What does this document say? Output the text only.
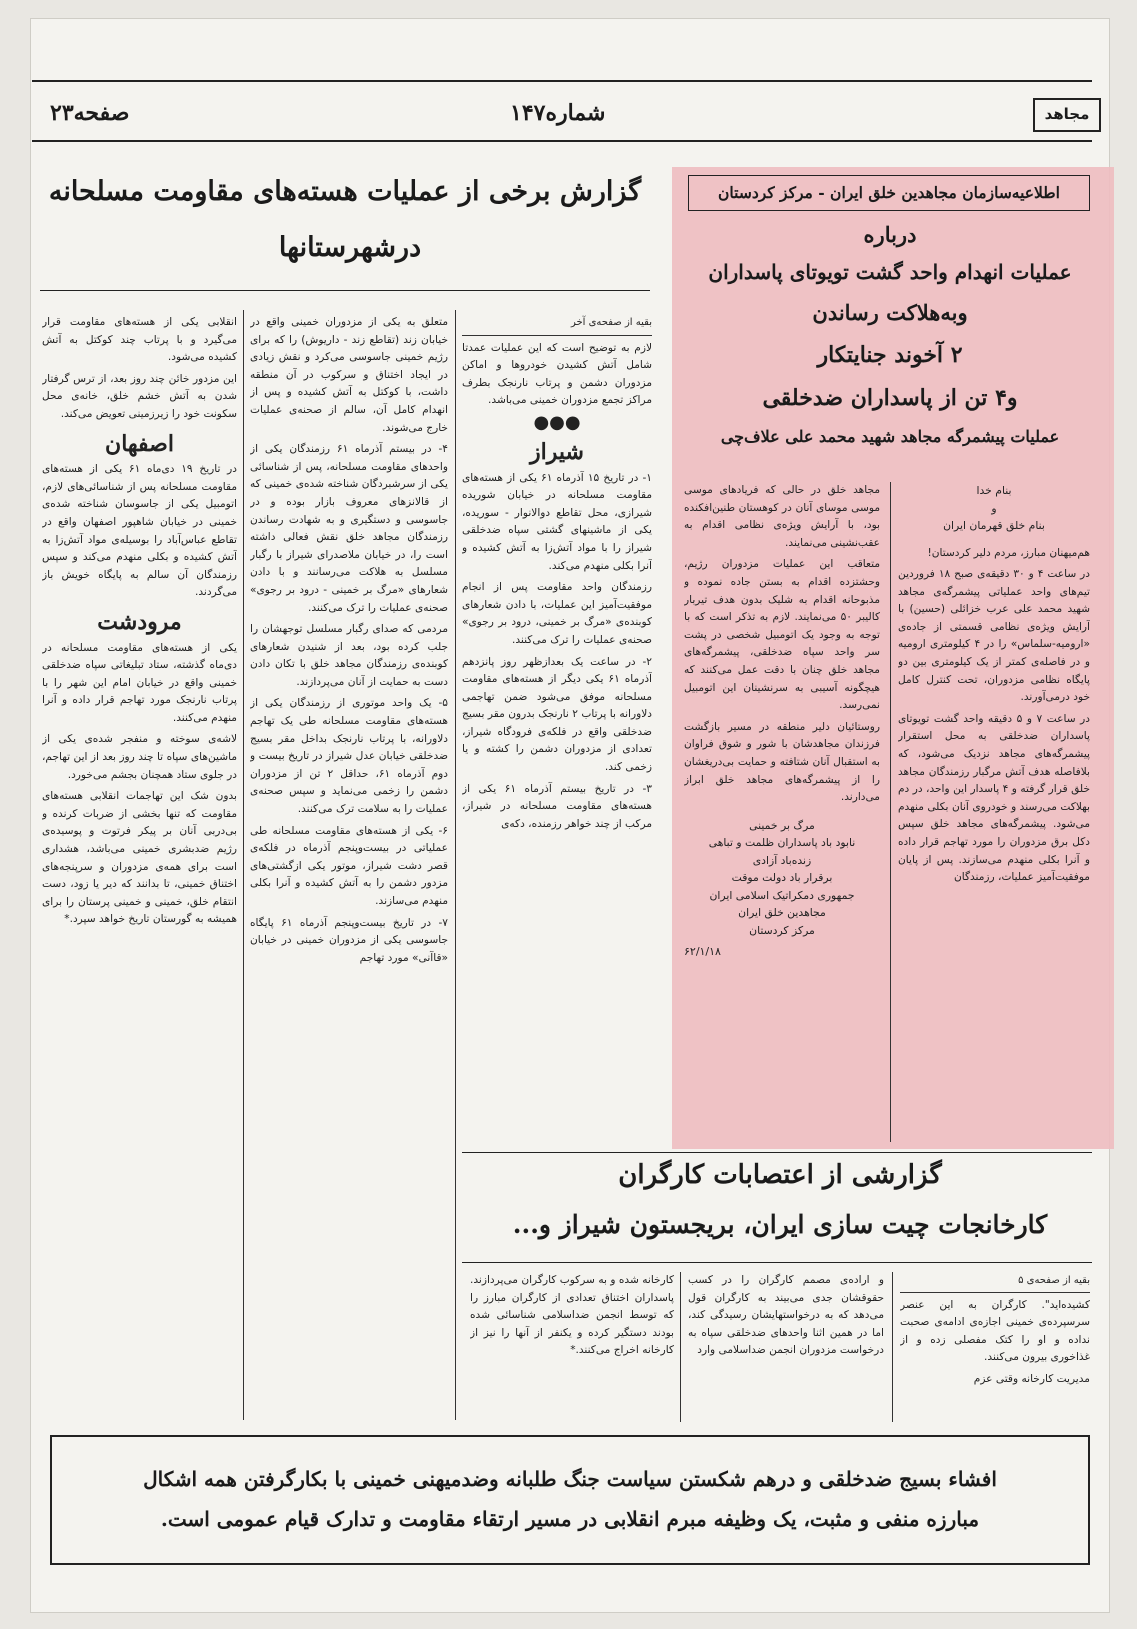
صفحه۲۳	شماره۱۴۷	مجاهد
گزارش برخی از عملیات هسته‌های مقاومت مسلحانه
درشهرستانها

بقیه از صفحه‌ی آخر

لازم به توضیح است که این عملیات عمدتا شامل آتش کشیدن خودروها و اماکن مزدوران دشمن و پرتاب نارنجک بطرف مراکز تجمع مزدوران خمینی می‌باشد.

●●●
شیراز

۱- در تاریخ ۱۵ آذرماه ۶۱ یکی از هسته‌های مقاومت مسلحانه در خیابان شوریده شیرازی، محل تقاطع دوالانوار - سوریده، یکی از ماشینهای گشتی سپاه ضدخلقی شیراز را با مواد آتش‌زا به آتش کشیده و آنرا بکلی منهدم می‌کند.

رزمندگان واحد مقاومت پس از انجام موفقیت‌آمیز این عملیات، با دادن شعارهای کوبنده‌ی «مرگ بر خمینی، درود بر رجوی» صحنه‌ی عملیات را ترک می‌کنند.

۲- در ساعت یک بعدازظهر روز پانزدهم آذرماه ۶۱ یکی دیگر از هسته‌های مقاومت مسلحانه موفق می‌شود ضمن تهاجمی دلاورانه با پرتاب ۲ نارنجک بدرون مقر بسیج ضدخلقی واقع در فلکه‌ی فرودگاه شیراز، تعدادی از مزدوران دشمن را کشته و یا زخمی کند.

۳- در تاریخ بیستم آذرماه ۶۱ یکی از هسته‌های مقاومت مسلحانه در شیراز، مرکب از چند خواهر رزمنده، دکه‌ی

متعلق به یکی از مزدوران خمینی واقع در خیابان زند (تقاطع زند - داریوش) را که برای رژیم خمینی جاسوسی می‌کرد و نقش زیادی در ایجاد اختناق و سرکوب در آن منطقه داشت، با کوکتل به آتش کشیده و پس از انهدام کامل آن، سالم از صحنه‌ی عملیات خارج می‌شوند.

۴- در بیستم آذرماه ۶۱ رزمندگان یکی از واحدهای مقاومت مسلحانه، پس از شناسائی یکی از سرشبردگان شناخته شده‌ی خمینی که از قالانزهای معروف بازار بوده و در جاسوسی و دستگیری و به شهادت رساندن رزمندگان مجاهد خلق نقش فعالی داشته است را، در خیابان ملاصدرای شیراز با رگبار مسلسل به هلاکت می‌رسانند و با دادن شعارهای «مرگ بر خمینی - درود بر رجوی» صحنه‌ی عملیات را ترک می‌کنند.

مردمی که صدای رگبار مسلسل توجهشان را جلب کرده بود، بعد از شنیدن شعارهای کوبنده‌ی رزمندگان مجاهد خلق با تکان دادن دست به حمایت از آنان می‌پردازند.

۵- یک واحد موتوری از رزمندگان یکی از هسته‌های مقاومت مسلحانه طی یک تهاجم دلاورانه، با پرتاب نارنجک بداخل مقر بسیج ضدخلقی خیابان عدل شیراز در تاریخ بیست و دوم آذرماه ۶۱، حداقل ۲ تن از مزدوران دشمن را زخمی می‌نماید و سپس صحنه‌ی عملیات را به سلامت ترک می‌کنند.

۶- یکی از هسته‌های مقاومت مسلحانه طی عملیاتی در بیست‌وپنجم آذرماه در فلکه‌ی قصر دشت شیراز، موتور یکی ازگشتی‌های مزدور دشمن را به آتش کشیده و آنرا بکلی منهدم می‌سازند.

۷- در تاریخ بیست‌وپنجم آذرماه ۶۱ پایگاه جاسوسی یکی از مزدوران خمینی در خیابان «قاآنی» مورد تهاجم

انقلابی یکی از هسته‌های مقاومت قرار می‌گیرد و با پرتاب چند کوکتل به آتش کشیده می‌شود.

این مزدور خائن چند روز بعد، از ترس گرفتار شدن به آتش خشم خلق، خانه‌ی محل سکونت خود را زیرزمینی تعویض می‌کند.

اصفهان

در تاریخ ۱۹ دی‌ماه ۶۱ یکی از هسته‌های مقاومت مسلحانه پس از شناسائی‌های لازم، اتومبیل یکی از جاسوسان شناخته شده‌ی خمینی در خیابان شاهپور اصفهان واقع در تقاطع عباس‌آباد را بوسیله‌ی مواد آتش‌زا به آتش کشیده و بکلی منهدم می‌کند و سپس رزمندگان آن سالم به پایگاه خویش باز می‌گردند.

مرودشت

یکی از هسته‌های مقاومت مسلحانه در دی‌ماه گذشته، ستاد تبلیغاتی سپاه ضدخلقی خمینی واقع در خیابان امام این شهر را با پرتاب نارنجک مورد تهاجم قرار داده و آنرا منهدم می‌کنند.

لاشه‌ی سوخته و منفجر شده‌ی یکی از ماشین‌های سپاه تا چند روز بعد از این تهاجم، در جلوی ستاد همچنان بجشم می‌خورد.

بدون شک این تهاجمات انقلابی هسته‌های مقاومت که تنها بخشی از ضربات کرنده و بی‌دربی آنان بر پیکر فرتوت و پوسیده‌ی رژیم ضدبشری خمینی می‌باشد، هشداری است برای همه‌ی مزدوران و سرپنجه‌های اختناق خمینی، تا بدانند که دیر یا زود، دست انتقام خلق، خمینی و خمینی پرستان را برای همیشه به گورستان تاریخ خواهد سپرد.*

اطلاعیه‌سازمان مجاهدین خلق ایران - مرکز کردستان
درباره
عملیات انهدام واحد گشت تویوتای پاسداران
وبه‌هلاکت رساندن
۲ آخوند جنایتکار
و۴ تن از پاسداران ضدخلقی
عملیات پیشمرگه مجاهد شهید محمد علی علاف‌چی
بنام خدا
و
بنام خلق قهرمان ایران

هم‌میهنان مبارز، مردم دلیر کردستان!

در ساعت ۴ و ۳۰ دقیقه‌ی صبح ۱۸ فروردین تیم‌های واحد عملیاتی پیشمرگه‌ی مجاهد شهید محمد علی عرب خزائلی (حسین) با آرایش ویژه‌ی نظامی قسمتی از جاده‌ی «ارومیه-سلماس» را در ۴ کیلومتری ارومیه و در فاصله‌ی کمتر از یک کیلومتری بین دو پایگاه نظامی مزدوران، تحت کنترل کامل خود درمی‌آورند.

در ساعت ۷ و ۵ دقیقه واحد گشت تویوتای پاسداران ضدخلقی به محل استقرار پیشمرگه‌های مجاهد نزدیک می‌شود، که بلافاصله هدف آتش مرگبار رزمندگان مجاهد خلق قرار گرفته و ۴ پاسدار این واحد، در دم بهلاکت می‌رسند و خودروی آنان بکلی منهدم می‌شود. پیشمرگه‌های مجاهد خلق سپس دکل برق مزدوران را مورد تهاجم قرار داده و آنرا بکلی منهدم می‌سازند. پس از پایان موفقیت‌آمیز عملیات، رزمندگان

مجاهد خلق در حالی که فریادهای موسی موسی موسای آنان در کوهستان طنین‌افکنده بود، با آرایش ویژه‌ی نظامی اقدام به عقب‌نشینی می‌نمایند.

متعاقب این عملیات مزدوران رژیم، وحشتزده اقدام به بستن جاده نموده و مذبوحانه اقدام به شلیک بدون هدف تیربار کالیبر ۵۰ می‌نمایند. لازم به تذکر است که با توجه به وجود یک اتومبیل شخصی در پشت سر واحد سپاه ضدخلقی، پیشمرگه‌های مجاهد خلق چنان با دقت عمل می‌کنند که هیچگونه آسیبی به سرنشینان این اتومبیل نمی‌رسد.

روستائیان دلیر منطقه در مسیر بازگشت فرزندان مجاهدشان با شور و شوق فراوان به استقبال آنان شتافته و حمایت بی‌دریغشان را از پیشمرگه‌های مجاهد خلق ابراز می‌دارند.

مرگ بر خمینی
نابود باد پاسداران ظلمت و تباهی
زنده‌باد آزادی
برقرار باد دولت موقت
جمهوری دمکراتیک اسلامی ایران
مجاهدین خلق ایران
مرکز کردستان
۶۲/۱/۱۸
گزارشی از اعتصابات کارگران
کارخانجات چیت سازی ایران، بریجستون شیراز و...

بقیه از صفحه‌ی ۵

کشیده‌اید". کارگران به این عنصر سرسپرده‌ی خمینی اجازه‌ی ادامه‌ی صحبت نداده و او را کتک مفصلی زده و از غذاخوری بیرون می‌کنند.

مدیریت کارخانه وقتی عزم

و اراده‌ی مصمم کارگران را در کسب حقوقشان جدی می‌بیند به کارگران قول می‌دهد که به درخواستهایشان رسیدگی کند، اما در همین اثنا واحدهای ضدخلقی سپاه به درخواست مزدوران انجمن ضداسلامی وارد

کارخانه شده و به سرکوب کارگران می‌پردازند. پاسداران اختناق تعدادی از کارگران مبارز را که توسط انجمن ضداسلامی شناسائی شده بودند دستگیر کرده و یکنفر از آنها را نیز از کارخانه اخراج می‌کنند.*

افشاء بسیج ضدخلقی و درهم شکستن سیاست جنگ طلبانه وضدمیهنی خمینی با بکارگرفتن همه اشکال
مبارزه منفی و مثبت، یک وظیفه مبرم انقلابی در مسیر ارتقاء مقاومت و تدارک قیام عمومی است.
